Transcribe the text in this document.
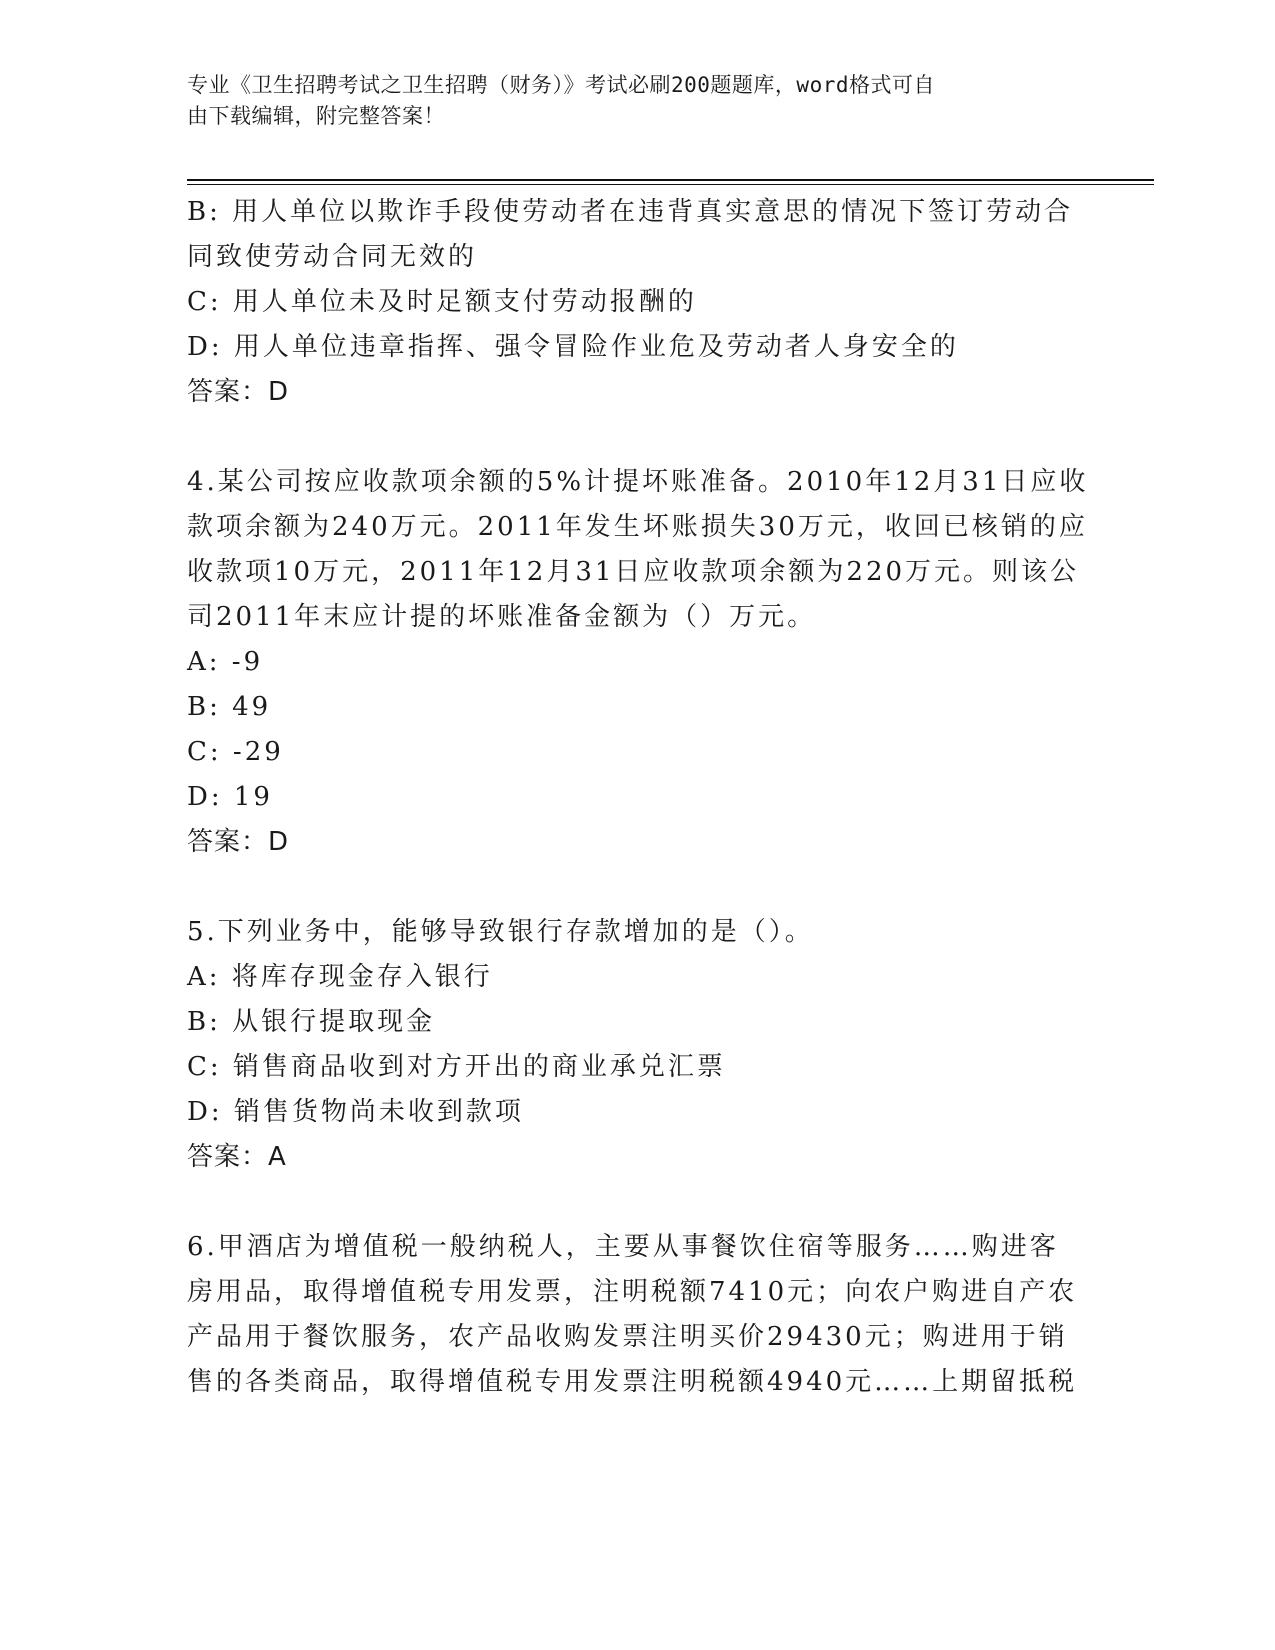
专业《卫生招聘考试之卫生招聘（财务）》考试必刷200题题库，word格式可自
由下载编辑，附完整答案！
B: 用人单位以欺诈手段使劳动者在违背真实意思的情况下签订劳动合
同致使劳动合同无效的
C: 用人单位未及时足额支付劳动报酬的
D: 用人单位违章指挥、强令冒险作业危及劳动者人身安全的
答案：D
4.某公司按应收款项余额的5%计提坏账准备。2010年12月31日应收
款项余额为240万元。2011年发生坏账损失30万元，收回已核销的应
收款项10万元，2011年12月31日应收款项余额为220万元。则该公
司2011年末应计提的坏账准备金额为（）万元。
A: -9
B: 49
C: -29
D: 19
答案：D
5.下列业务中，能够导致银行存款增加的是（）。
A: 将库存现金存入银行
B: 从银行提取现金
C: 销售商品收到对方开出的商业承兑汇票
D: 销售货物尚未收到款项
答案：A
6.甲酒店为增值税一般纳税人，主要从事餐饮住宿等服务……购进客
房用品，取得增值税专用发票，注明税额7410元；向农户购进自产农
产品用于餐饮服务，农产品收购发票注明买价29430元；购进用于销
售的各类商品，取得增值税专用发票注明税额4940元……上期留抵税
